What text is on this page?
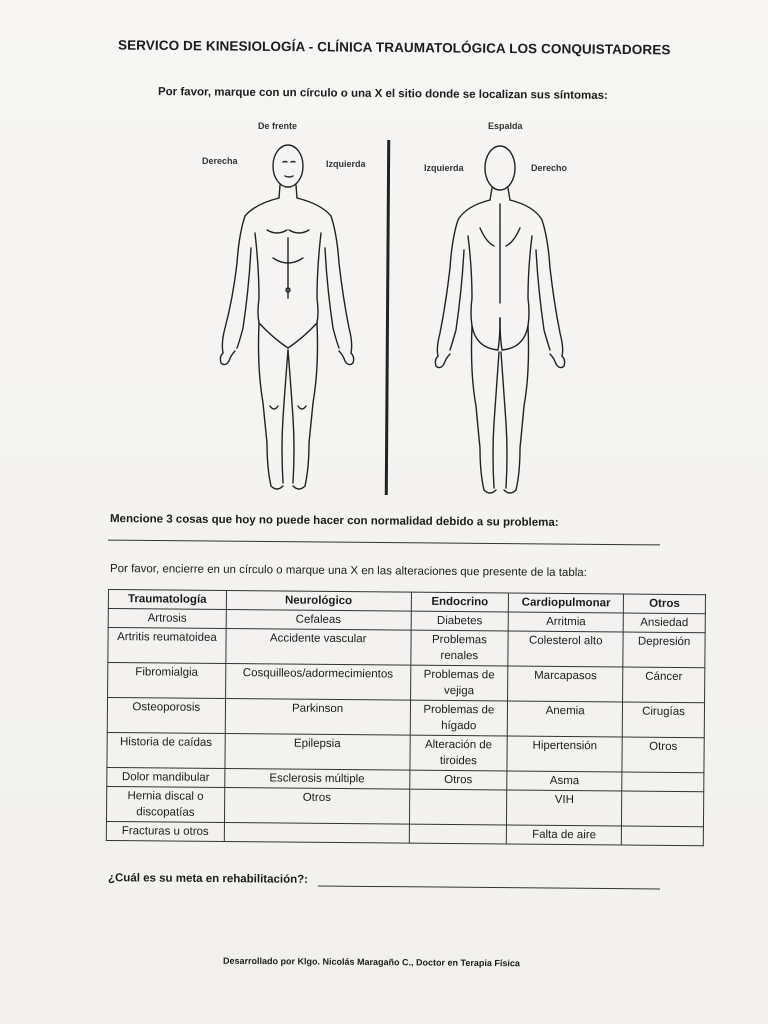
SERVICO DE KINESIOLOGÍA - CLÍNICA TRAUMATOLÓGICA LOS CONQUISTADORES
Por favor, marque con un círculo o una X el sitio donde se localizan sus síntomas:
De frente
Derecha	Izquierda
Espalda
Izquierda	Derecho
Mencione 3 cosas que hoy no puede hacer con normalidad debido a su problema:
Por favor, encierre en un círculo o marque una X en las alteraciones que presente de la tabla:
Traumatología	Neurológico	Endocrino	Cardiopulmonar	Otros
Artrosis	Cefaleas	Diabetes	Arritmia	Ansiedad
Artritis reumatoidea	Accidente vascular	Problemas renales	Colesterol alto	Depresión
Fibromialgia	Cosquilleos/adormecimientos	Problemas de vejiga	Marcapasos	Cáncer
Osteoporosis	Parkinson	Problemas de hígado	Anemia	Cirugías
Historia de caídas	Epilepsia	Alteración de tiroides	Hipertensión	Otros
Dolor mandibular	Esclerosis múltiple	Otros	Asma	
Hernia discal o discopatías	Otros		VIH	
Fracturas u otros			Falta de aire	
¿Cuál es su meta en rehabilitación?:
Desarrollado por Klgo. Nicolás Maragaño C., Doctor en Terapia Física
